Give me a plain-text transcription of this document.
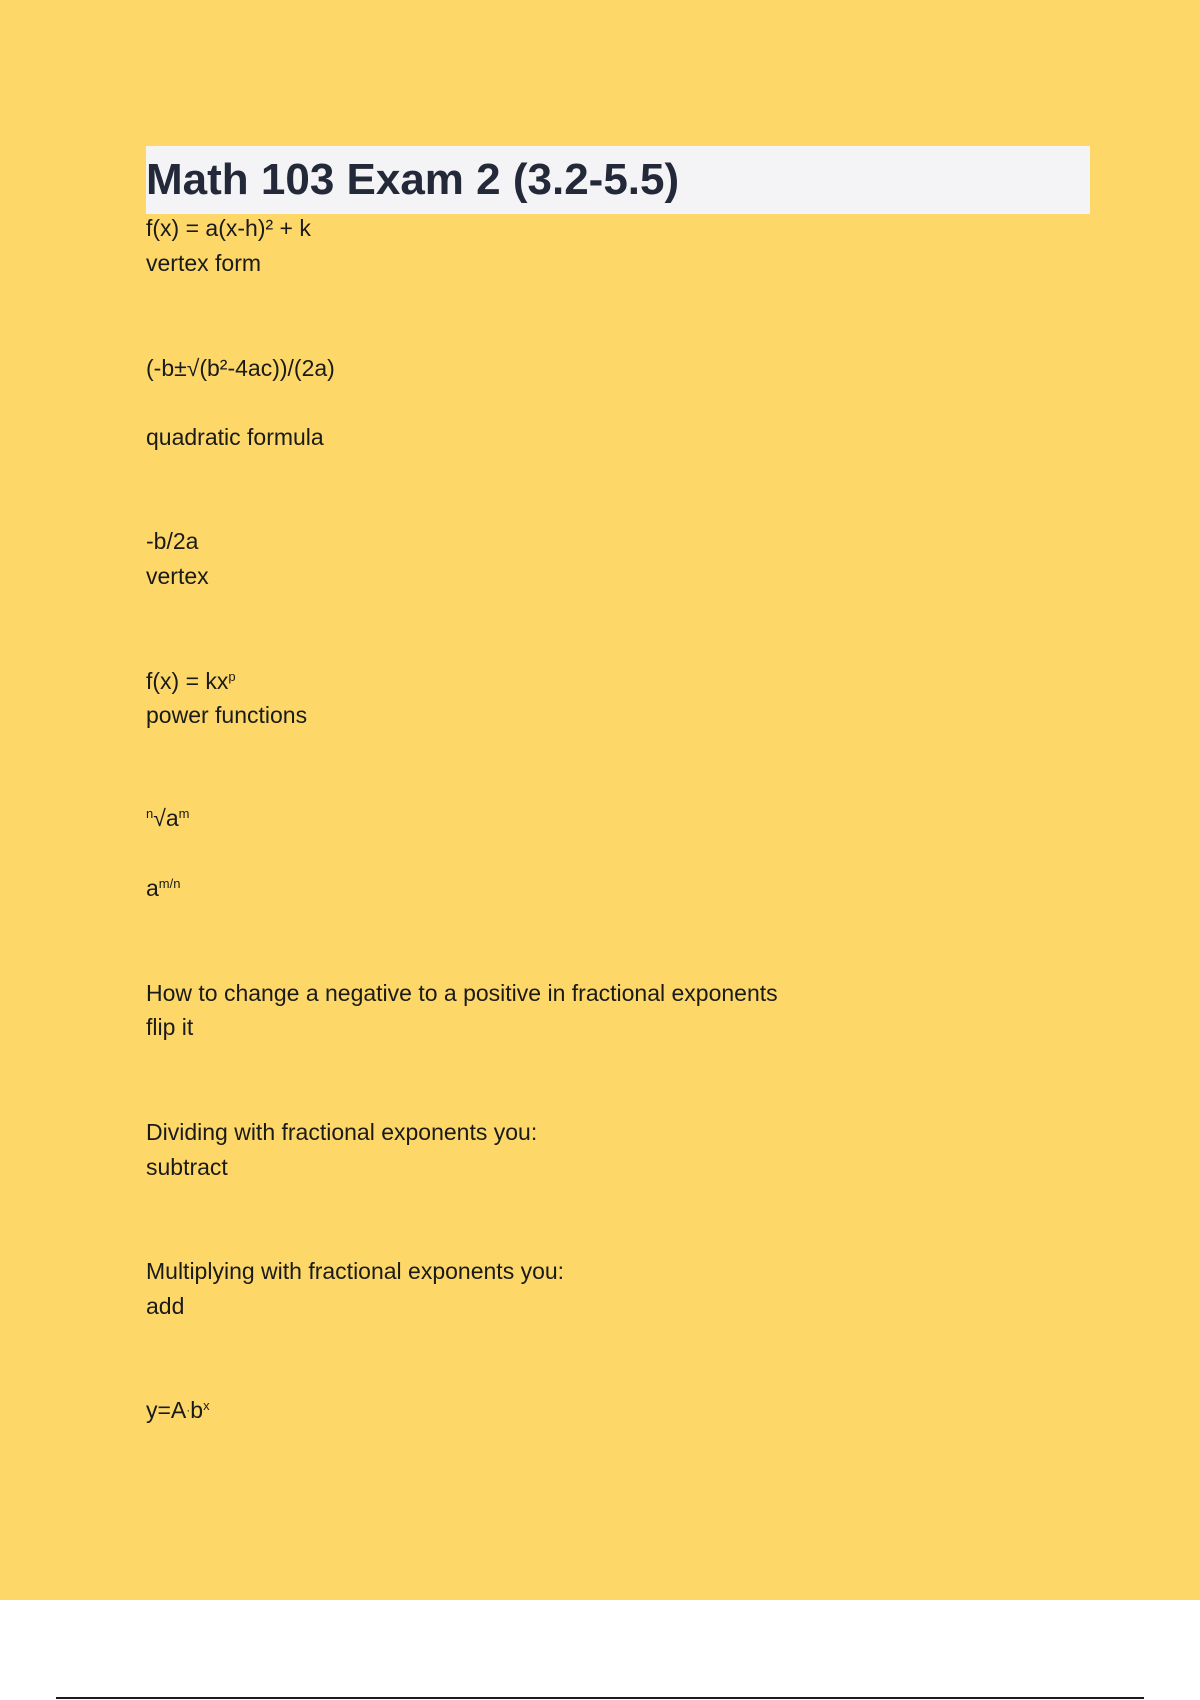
Math 103 Exam 2 (3.2-5.5)
f(x) = a(x-h)² + k
vertex form
(-b±√(b²-4ac))/(2a)
quadratic formula
-b/2a
vertex
$f(x) = kx^p$
power functions
$^n√a^m$
$a^{m/n}$
How to change a negative to a positive in fractional exponents
flip it
Dividing with fractional exponents you:
subtract
Multiplying with fractional exponents you:
add
$y=A\cdot b^x$
